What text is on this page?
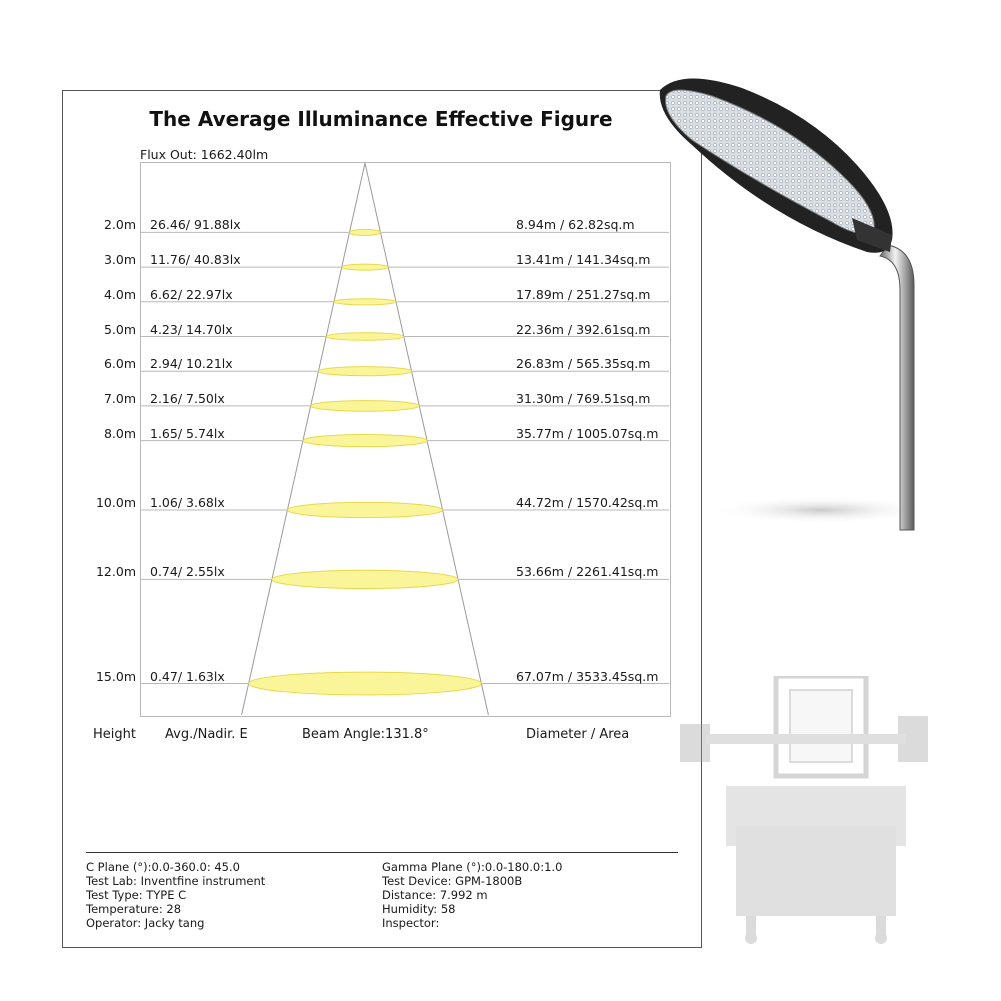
The Average Illuminance Effective Figure
Flux Out: 1662.40lm
2.0m 26.46/ 91.88lx	8.94m / 62.82sq.m
3.0m 11.76/ 40.83lx	13.41m / 141.34sq.m
4.0m 6.62/ 22.97lx	17.89m / 251.27sq.m
5.0m 4.23/ 14.70lx	22.36m / 392.61sq.m
6.0m 2.94/ 10.21lx	26.83m / 565.35sq.m
7.0m 2.16/ 7.50lx	31.30m / 769.51sq.m
8.0m 1.65/ 5.74lx	35.77m / 1005.07sq.m
10.0m 1.06/ 3.68lx	44.72m / 1570.42sq.m
12.0m 0.74/ 2.55lx	53.66m / 2261.41sq.m
15.0m 0.47/ 1.63lx	67.07m / 3533.45sq.m
Height Avg./Nadir. E	Beam Angle:131.8°	Diameter / Area
C Plane (°):0.0-360.0: 45.0
Test Lab: Inventfine instrument
Test Type: TYPE C
Temperature: 28
Operator: Jacky tang
Gamma Plane (°):0.0-180.0:1.0
Test Device: GPM-1800B
Distance: 7.992 m
Humidity: 58
Inspector:
